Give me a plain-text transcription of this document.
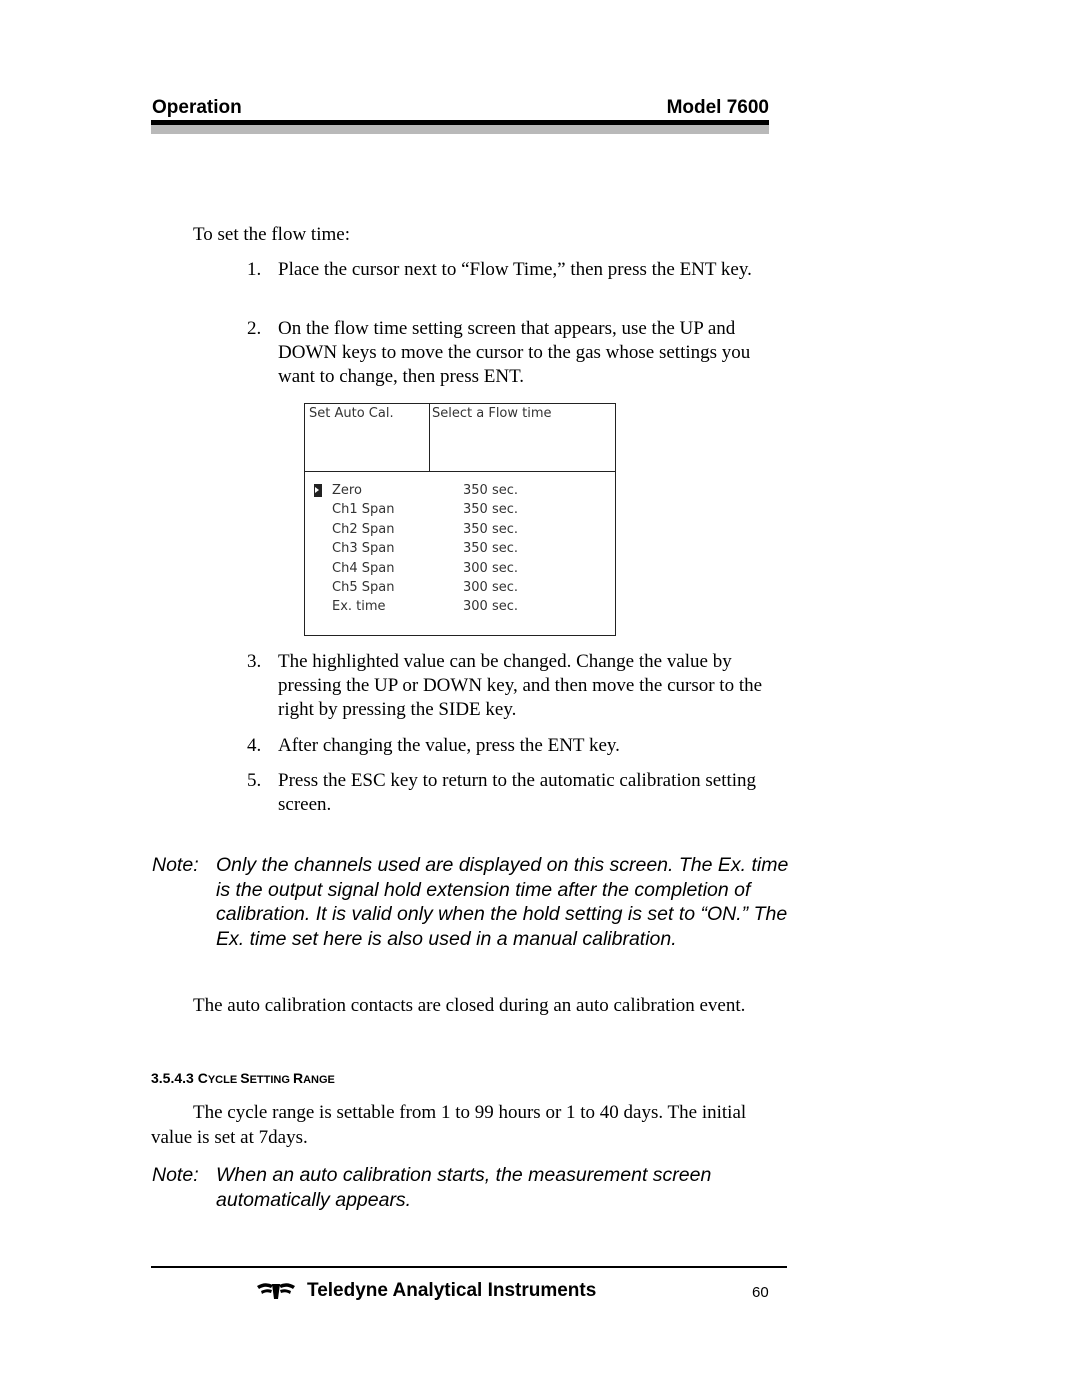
Operation	Model 7600
To set the flow time:
1. Place the cursor next to “Flow Time,” then press the ENT key.
2. On the flow time setting screen that appears, use the UP and DOWN keys to move the cursor to the gas whose settings you want to change, then press ENT.
Set Auto Cal.	Select a Flow time
Zero	350 sec.
Ch1 Span	350 sec.
Ch2 Span	350 sec.
Ch3 Span	350 sec.
Ch4 Span	300 sec.
Ch5 Span	300 sec.
Ex. time	300 sec.
3. The highlighted value can be changed. Change the value by pressing the UP or DOWN key, and then move the cursor to the right by pressing the SIDE key.
4. After changing the value, press the ENT key.
5. Press the ESC key to return to the automatic calibration setting screen.
Note: Only the channels used are displayed on this screen. The Ex. time is the output signal hold extension time after the completion of calibration. It is valid only when the hold setting is set to “ON.” The Ex. time set here is also used in a manual calibration.
The auto calibration contacts are closed during an auto calibration event.
3.5.4.3 CYCLE SETTING RANGE
The cycle range is settable from 1 to 99 hours or 1 to 40 days. The initial value is set at 7days.
Note: When an auto calibration starts, the measurement screen automatically appears.
Teledyne Analytical Instruments	60
